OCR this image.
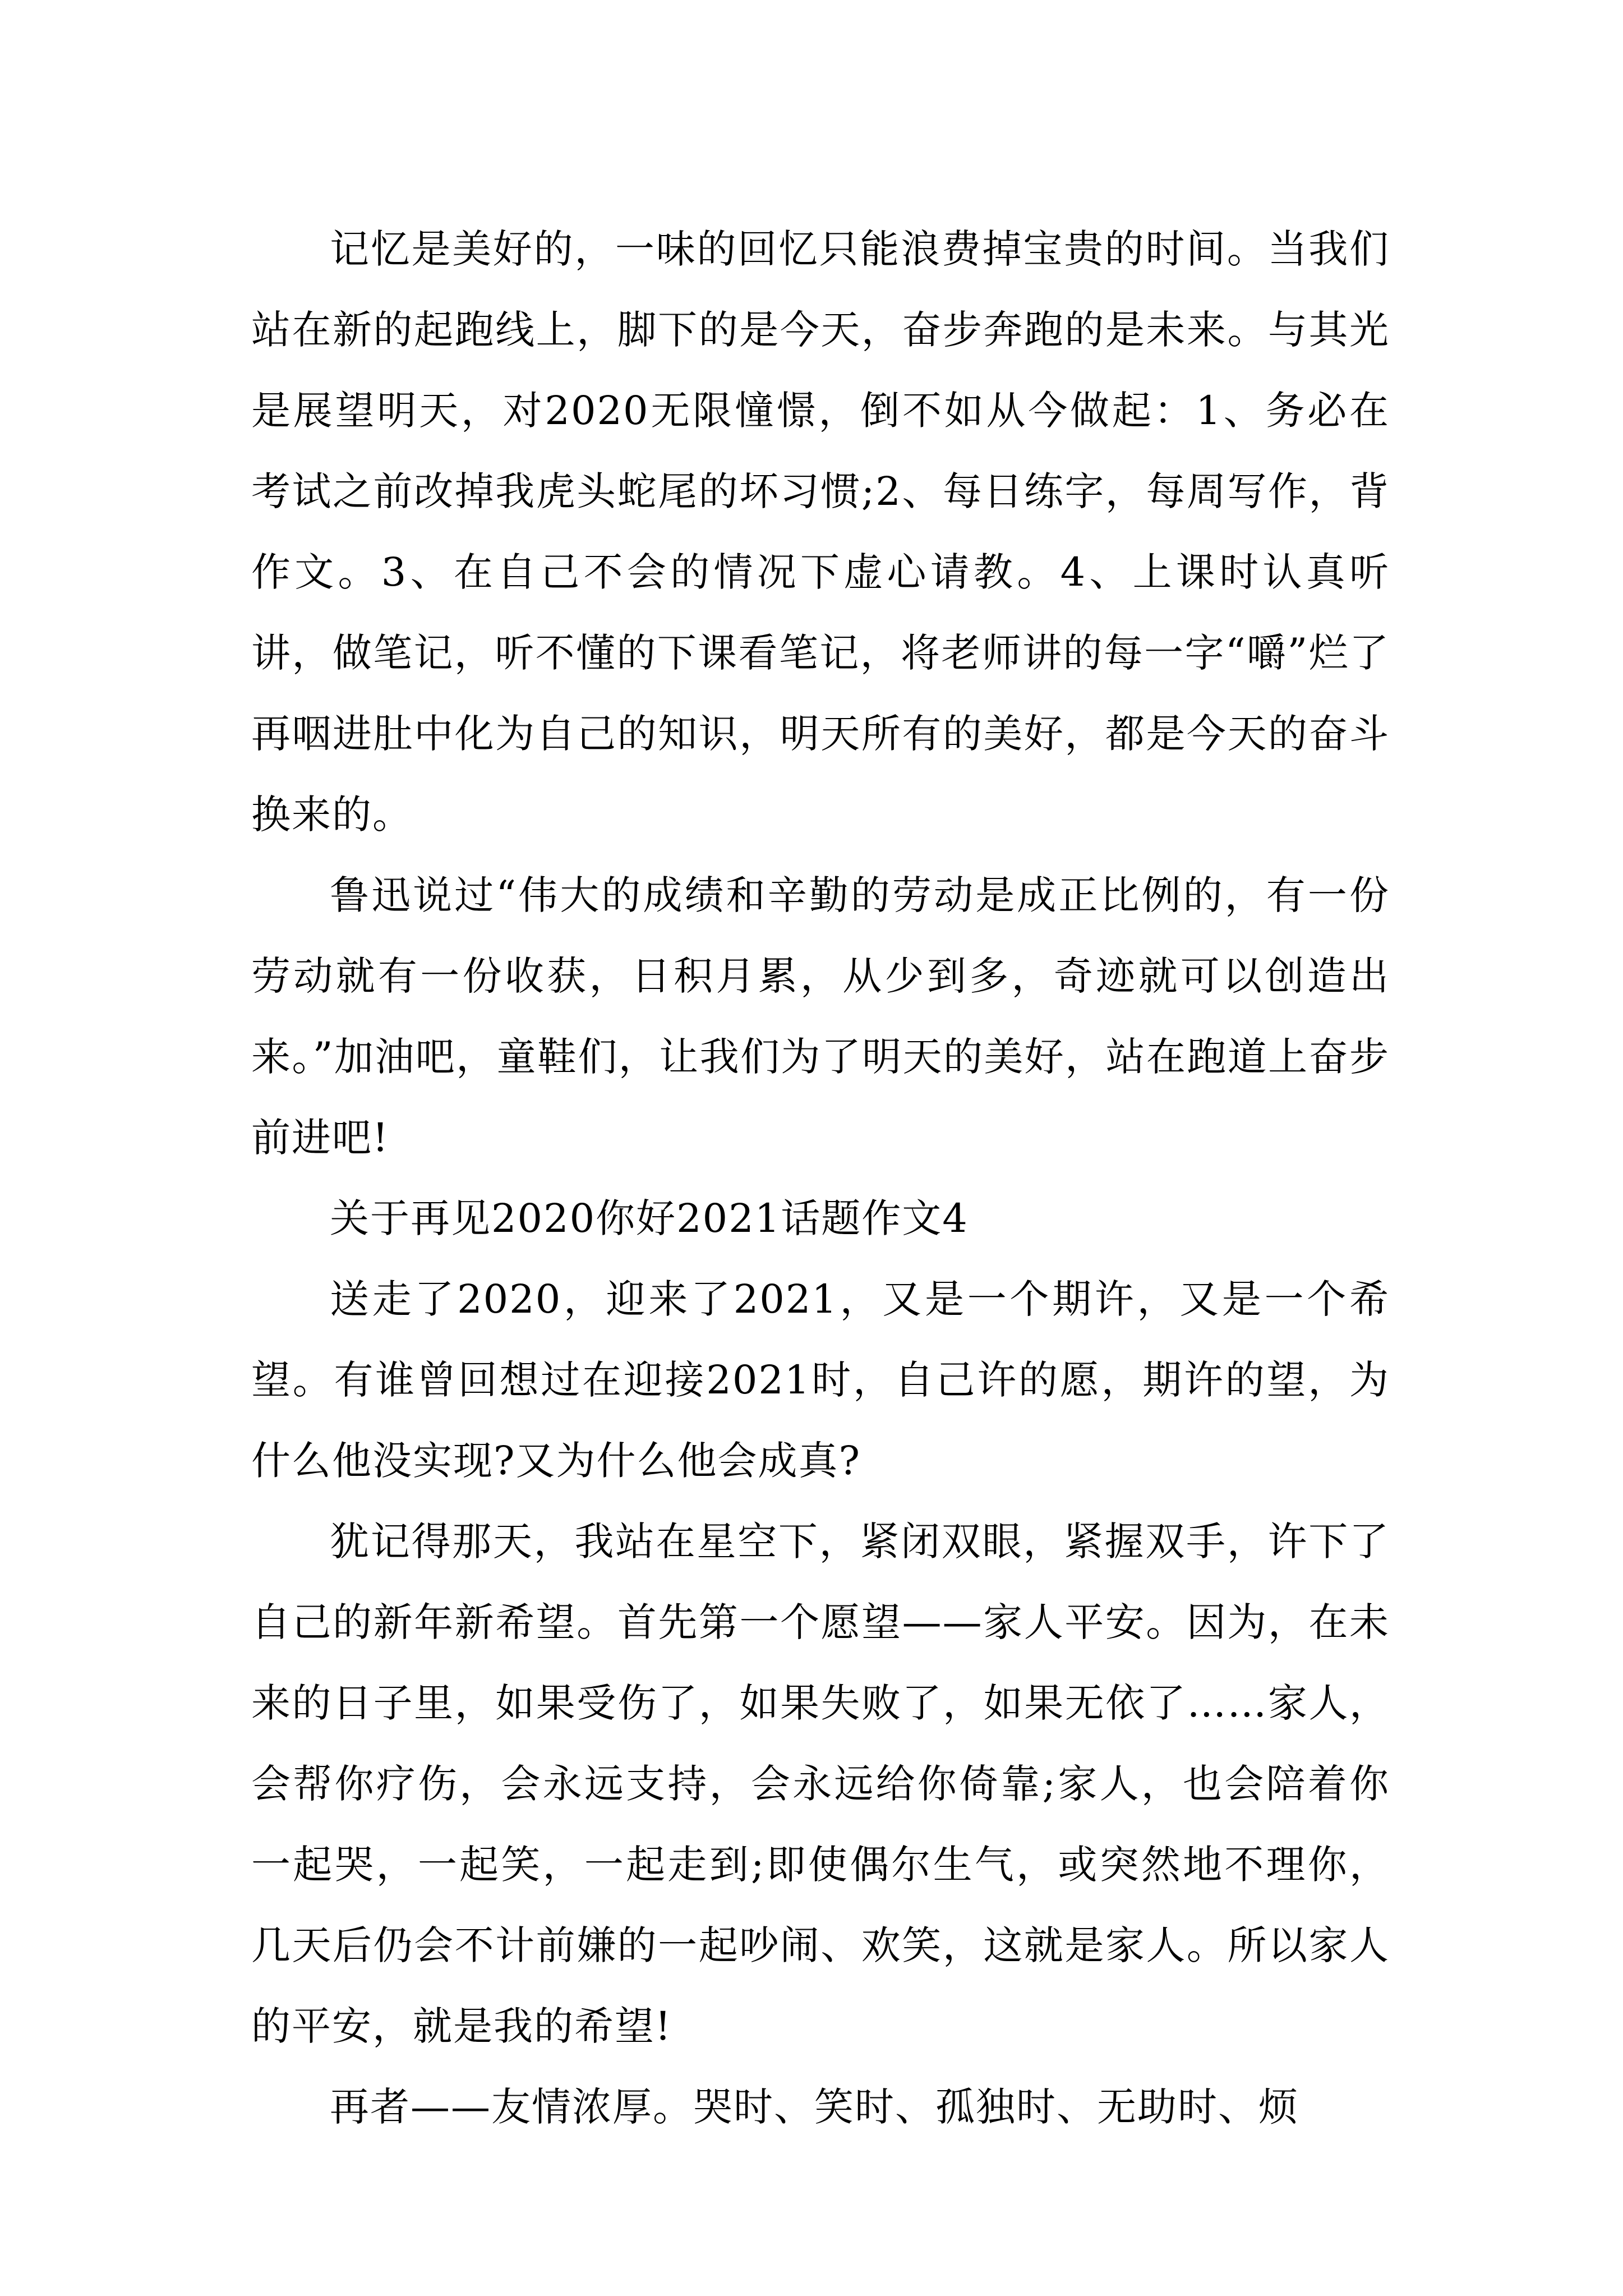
记忆是美好的，一味的回忆只能浪费掉宝贵的时间。当我们站在新的起跑线上，脚下的是今天，奋步奔跑的是未来。与其光是展望明天，对2020无限憧憬，倒不如从今做起：1、务必在考试之前改掉我虎头蛇尾的坏习惯;2、每日练字，每周写作，背作文。3、在自己不会的情况下虚心请教。4、上课时认真听讲，做笔记，听不懂的下课看笔记，将老师讲的每一字“嚼”烂了再咽进肚中化为自己的知识，明天所有的美好，都是今天的奋斗换来的。

鲁迅说过“伟大的成绩和辛勤的劳动是成正比例的，有一份劳动就有一份收获，日积月累，从少到多，奇迹就可以创造出来。”加油吧，童鞋们，让我们为了明天的美好，站在跑道上奋步前进吧!

关于再见2020你好2021话题作文4

送走了2020，迎来了2021，又是一个期许，又是一个希望。有谁曾回想过在迎接2021时，自己许的愿，期许的望，为什么他没实现?又为什么他会成真?

犹记得那天，我站在星空下，紧闭双眼，紧握双手，许下了自己的新年新希望。首先第一个愿望——家人平安。因为，在未来的日子里，如果受伤了，如果失败了，如果无依了……家人，会帮你疗伤，会永远支持，会永远给你倚靠;家人，也会陪着你一起哭，一起笑，一起走到;即使偶尔生气，或突然地不理你，几天后仍会不计前嫌的一起吵闹、欢笑，这就是家人。所以家人的平安，就是我的希望!

再者——友情浓厚。哭时、笑时、孤独时、无助时、烦
